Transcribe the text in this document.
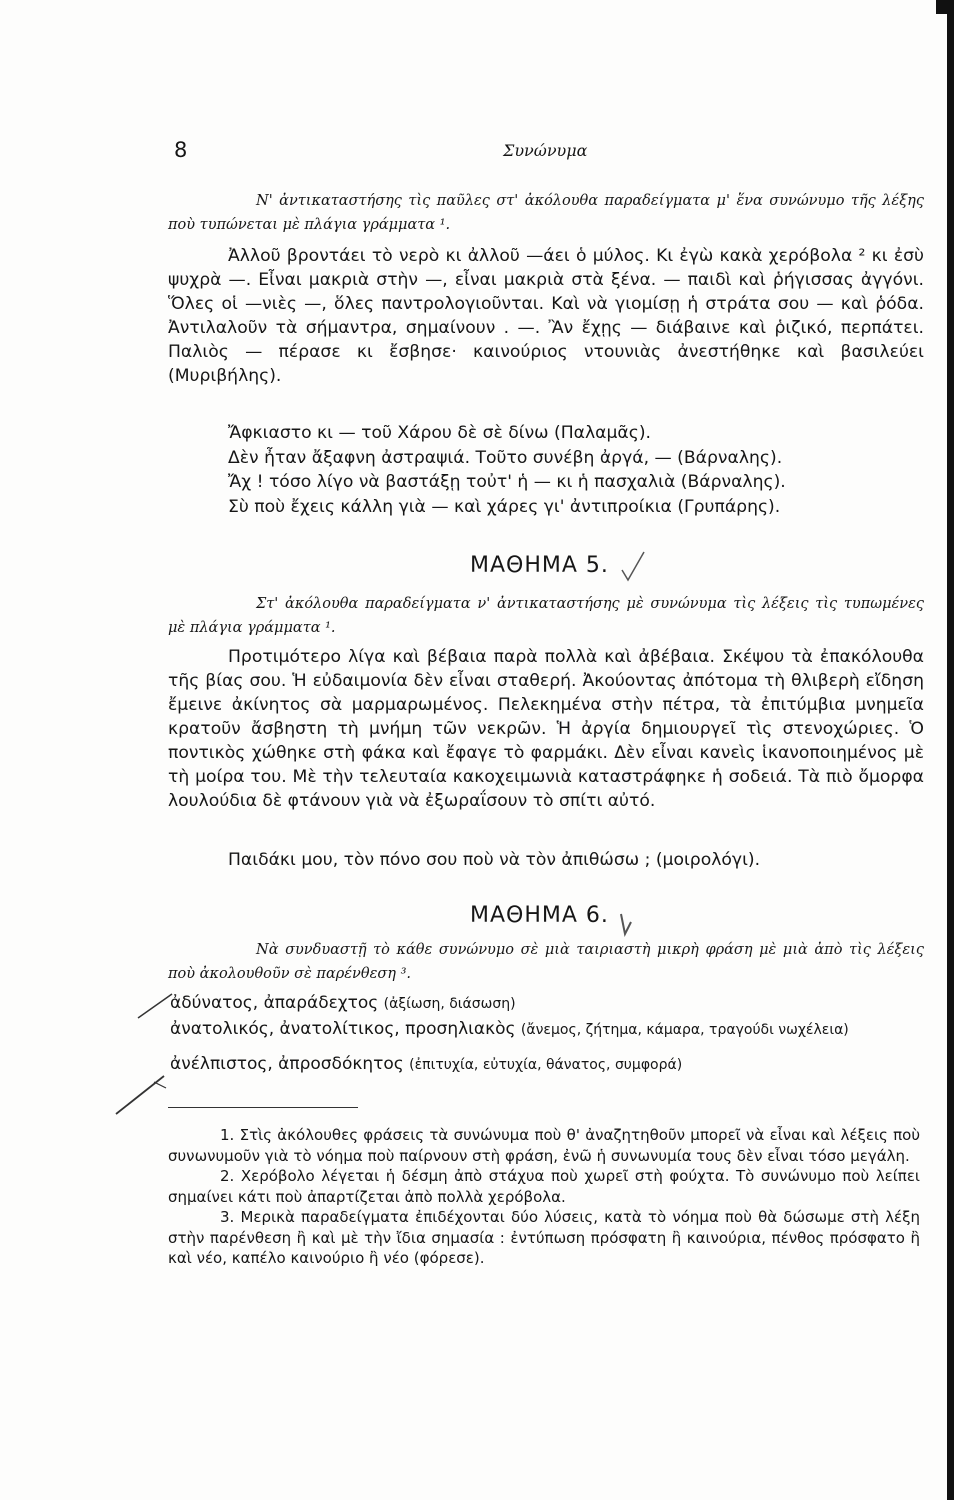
8	Συνώνυμα
Ν' ἀντικαταστήσης τὶς παῦλες στ' ἀκόλουθα παραδείγματα μ' ἕνα συνώνυμο τῆς λέξης ποὺ τυπώνεται μὲ πλάγια γράμματα ¹.

Ἀλλοῦ βροντάει τὸ νερὸ κι ἀλλοῦ —άει ὁ μύλος. Κι ἐγὼ κακὰ χερόβολα ² κι ἐσὺ ψυχρὰ —. Εἶναι μακριὰ στὴν —, εἶναι μακριὰ στὰ ξένα. — παιδὶ καὶ ῥήγισσας ἀγγόνι. Ὅλες οἱ —νιὲς —, ὅλες παντρολογιοῦνται. Καὶ νὰ γιομίσῃ ἡ στράτα σου — καὶ ῥόδα. Ἀντιλαλοῦν τὰ σήμαντρα, σημαίνουν . —. Ἂν ἔχῃς — διάβαινε καὶ ῥιζικό, περπάτει. Παλιὸς — πέρασε κι ἔσβησε· καινούριος ντουνιὰς ἀνεστήθηκε καὶ βασιλεύει (Μυριβήλης).

Ἄφκιαστο κι — τοῦ Χάρου δὲ σὲ δίνω (Παλαμᾶς).
Δὲν ἦταν ἄξαφνη ἀστραψιά. Τοῦτο συνέβη ἀργά, — (Βάρναλης).
Ἄχ ! τόσο λίγο νὰ βαστάξῃ τοὐτ' ἡ — κι ἡ πασχαλιὰ (Βάρναλης).
Σὺ ποὺ ἔχεις κάλλη γιὰ — καὶ χάρες γι' ἀντιπροίκια (Γρυπάρης).
ΜΑΘΗΜΑ 5.
Στ' ἀκόλουθα παραδείγματα ν' ἀντικαταστήσης μὲ συνώνυμα τὶς λέξεις τὶς τυπωμένες μὲ πλάγια γράμματα ¹.

Προτιμότερο λίγα καὶ βέβαια παρὰ πολλὰ καὶ ἀβέβαια. Σκέψου τὰ ἐπακόλουθα τῆς βίας σου. Ἡ εὐδαιμονία δὲν εἶναι σταθερή. Ἀκούοντας ἀπότομα τὴ θλιβερὴ εἴδηση ἔμεινε ἀκίνητος σὰ μαρμαρωμένος. Πελεκημένα στὴν πέτρα, τὰ ἐπιτύμβια μνημεῖα κρατοῦν ἄσβηστη τὴ μνήμη τῶν νεκρῶν. Ἡ ἀργία δημιουργεῖ τὶς στενοχώριες. Ὁ ποντικὸς χώθηκε στὴ φάκα καὶ ἔφαγε τὸ φαρμάκι. Δὲν εἶναι κανεὶς ἱκανοποιημένος μὲ τὴ μοίρα του. Μὲ τὴν τελευταία κακοχειμωνιὰ καταστράφηκε ἡ σοδειά. Τὰ πιὸ ὄμορφα λουλούδια δὲ φτάνουν γιὰ νὰ ἐξωραΐσουν τὸ σπίτι αὐτό.

Παιδάκι μου, τὸν πόνο σου ποὺ νὰ τὸν ἀπιθώσω ; (μοιρολόγι).
ΜΑΘΗΜΑ 6.
Νὰ συνδυαστῇ τὸ κάθε συνώνυμο σὲ μιὰ ταιριαστὴ μικρὴ φράση μὲ μιὰ ἀπὸ τὶς λέξεις ποὺ ἀκολουθοῦν σὲ παρένθεση ³.
ἀδύνατος, ἀπαράδεχτος (ἀξίωση, διάσωση)
ἀνατολικός, ἀνατολίτικος, προσηλιακὸς (ἄνεμος, ζήτημα, κάμαρα, τραγούδι νωχέλεια)
ἀνέλπιστος, ἀπροσδόκητος (ἐπιτυχία, εὐτυχία, θάνατος, συμφορά)

1. Στὶς ἀκόλουθες φράσεις τὰ συνώνυμα ποὺ θ' ἀναζητηθοῦν μπορεῖ νὰ εἶναι καὶ λέξεις ποὺ συνωνυμοῦν γιὰ τὸ νόημα ποὺ παίρνουν στὴ φράση, ἐνῶ ἡ συνωνυμία τους δὲν εἶναι τόσο μεγάλη.

2. Χερόβολο λέγεται ἡ δέσμη ἀπὸ στάχυα ποὺ χωρεῖ στὴ φούχτα. Τὸ συνώνυμο ποὺ λείπει σημαίνει κάτι ποὺ ἀπαρτίζεται ἀπὸ πολλὰ χερόβολα.

3. Μερικὰ παραδείγματα ἐπιδέχονται δύο λύσεις, κατὰ τὸ νόημα ποὺ θὰ δώσωμε στὴ λέξη στὴν παρένθεση ἢ καὶ μὲ τὴν ἴδια σημασία : ἐντύπωση πρόσφατη ἢ καινούρια, πένθος πρόσφατο ἢ καὶ νέο, καπέλο καινούριο ἢ νέο (φόρεσε).
